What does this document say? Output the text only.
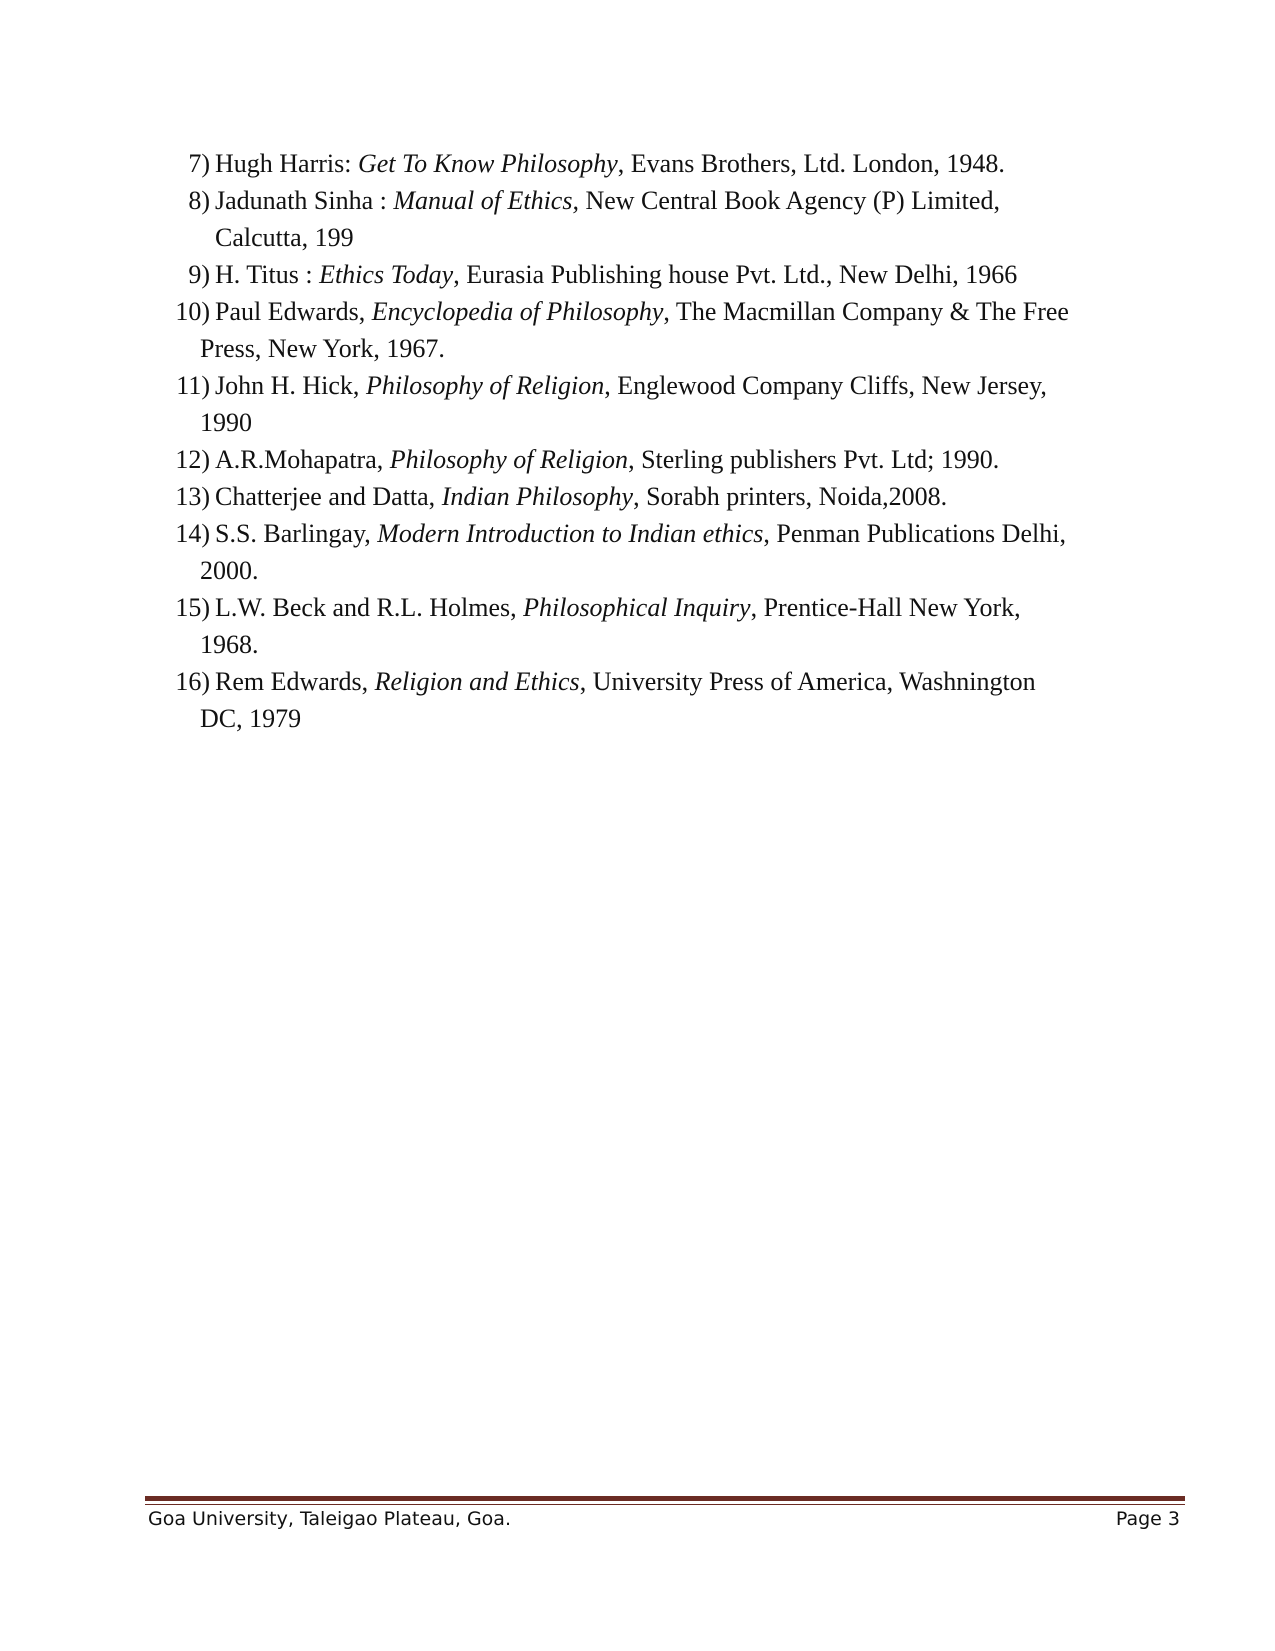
7) Hugh Harris: Get To Know Philosophy, Evans Brothers, Ltd. London, 1948.
8) Jadunath Sinha : Manual of Ethics, New Central Book Agency (P) Limited,
Calcutta, 199
9) H. Titus : Ethics Today, Eurasia Publishing house Pvt. Ltd., New Delhi, 1966
10) Paul Edwards, Encyclopedia of Philosophy, The Macmillan Company & The Free
Press, New York, 1967.
11) John H. Hick, Philosophy of Religion, Englewood Company Cliffs, New Jersey,
1990
12) A.R.Mohapatra, Philosophy of Religion, Sterling publishers Pvt. Ltd; 1990.
13) Chatterjee and Datta, Indian Philosophy, Sorabh printers, Noida,2008.
14) S.S. Barlingay, Modern Introduction to Indian ethics, Penman Publications Delhi,
2000.
15) L.W. Beck and R.L. Holmes, Philosophical Inquiry, Prentice-Hall New York,
1968.
16) Rem Edwards, Religion and Ethics, University Press of America, Washnington
DC, 1979
Goa University, Taleigao Plateau, Goa.	Page 3
